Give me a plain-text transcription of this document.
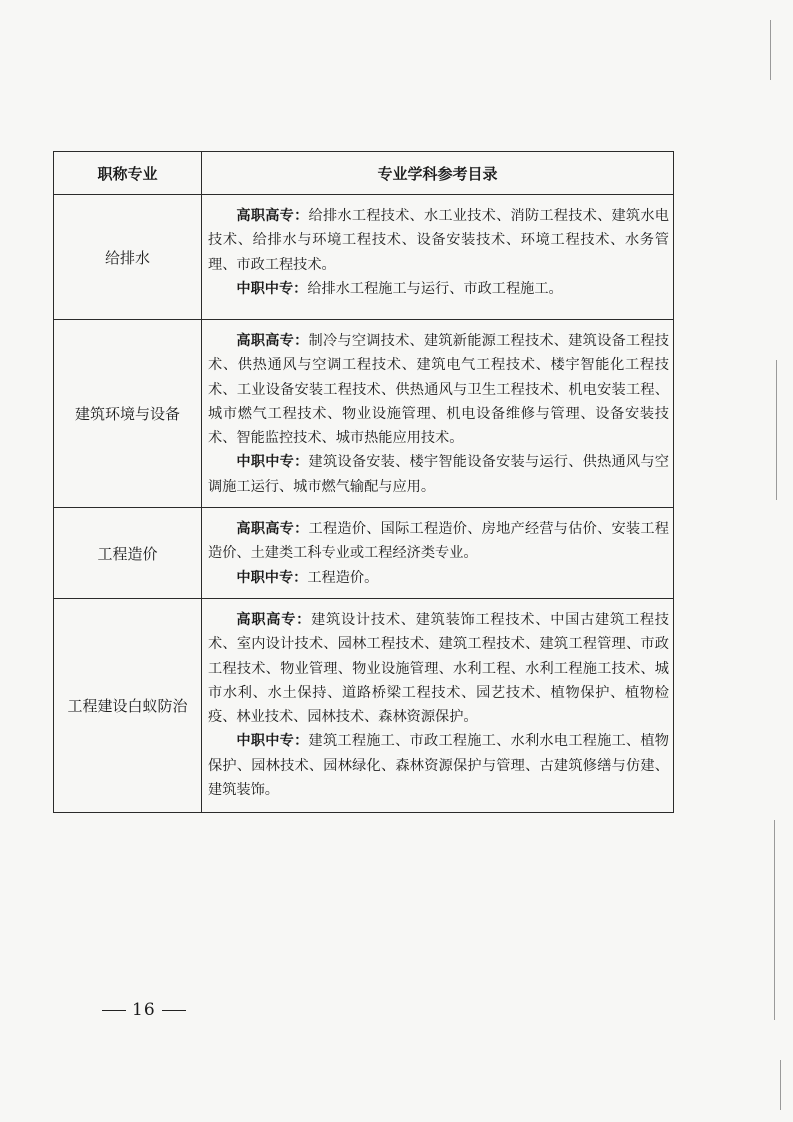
职称专业	专业学科参考目录
给排水	高职高专：给排水工程技术、水工业技术、消防工程技术、建筑水电技术、给排水与环境工程技术、设备安装技术、环境工程技术、水务管理、市政工程技术。

中职中专：给排水工程施工与运行、市政工程施工。

建筑环境与设备	高职高专：制冷与空调技术、建筑新能源工程技术、建筑设备工程技术、供热通风与空调工程技术、建筑电气工程技术、楼宇智能化工程技术、工业设备安装工程技术、供热通风与卫生工程技术、机电安装工程、城市燃气工程技术、物业设施管理、机电设备维修与管理、设备安装技术、智能监控技术、城市热能应用技术。

中职中专：建筑设备安装、楼宇智能设备安装与运行、供热通风与空调施工运行、城市燃气输配与应用。

工程造价	高职高专：工程造价、国际工程造价、房地产经营与估价、安装工程造价、土建类工科专业或工程经济类专业。

中职中专：工程造价。

工程建设白蚁防治	高职高专：建筑设计技术、建筑装饰工程技术、中国古建筑工程技术、室内设计技术、园林工程技术、建筑工程技术、建筑工程管理、市政工程技术、物业管理、物业设施管理、水利工程、水利工程施工技术、城市水利、水土保持、道路桥梁工程技术、园艺技术、植物保护、植物检疫、林业技术、园林技术、森林资源保护。

中职中专：建筑工程施工、市政工程施工、水利水电工程施工、植物保护、园林技术、园林绿化、森林资源保护与管理、古建筑修缮与仿建、建筑装饰。

16
